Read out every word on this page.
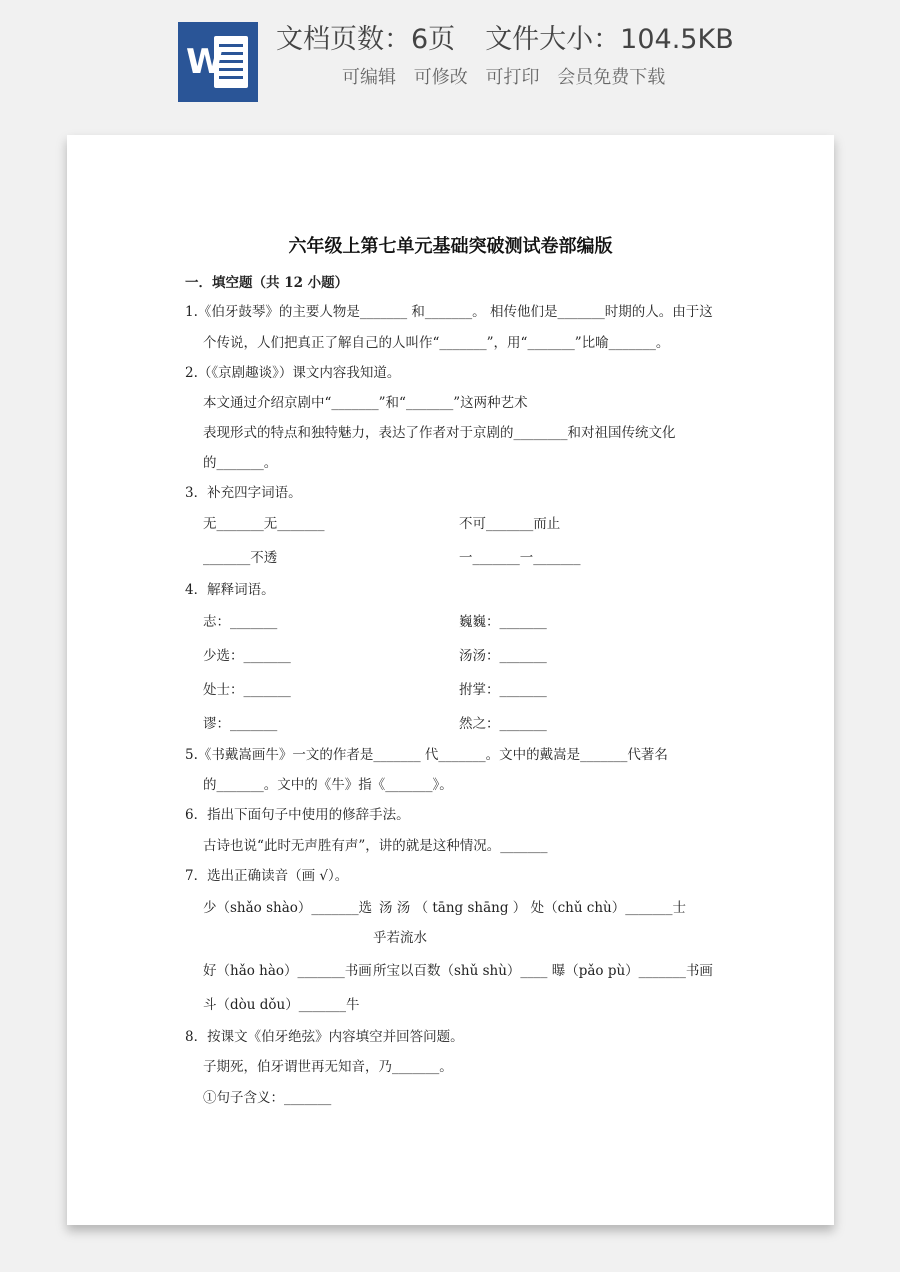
W
文档页数：6页 文件大小：104.5KB
可编辑 可修改 可打印 会员免费下载
六年级上第七单元基础突破测试卷部编版
一．填空题（共 12 小题）
1.《伯牙鼓琴》的主要人物是_______ 和_______。 相传他们是_______时期的人。由于这
个传说，人们把真正了解自己的人叫作“_______”，用“_______”比喻_______。
2.（《京剧趣谈》）课文内容我知道。
本文通过介绍京剧中“_______”和“_______”这两种艺术
表现形式的特点和独特魅力，表达了作者对于京剧的________和对祖国传统文化
的_______。
3．补充四字词语。
无_______无_______	不可_______而止
_______不透	一_______一_______
4．解释词语。
志：_______	巍巍：_______
少选：_______	汤汤：_______
处士：_______	拊掌：_______
谬：_______	然之：_______
5.《书戴嵩画牛》一文的作者是_______ 代_______。文中的戴嵩是_______代著名
的_______。文中的《牛》指《_______》。
6．指出下面句子中使用的修辞手法。
古诗也说“此时无声胜有声”，讲的就是这种情况。_______
7．选出正确读音（画 √）。
少（shǎo shào）_______选 汤 汤 （ tāng shāng ） 处（chǔ chù）_______士
乎若流水
好（hǎo hào）_______书画 所宝以百数（shǔ shù）____ 曝（pǎo pù）_______书画
斗（dòu dǒu）_______牛
8．按课文《伯牙绝弦》内容填空并回答问题。
子期死，伯牙谓世再无知音，乃_______。
①句子含义：_______
